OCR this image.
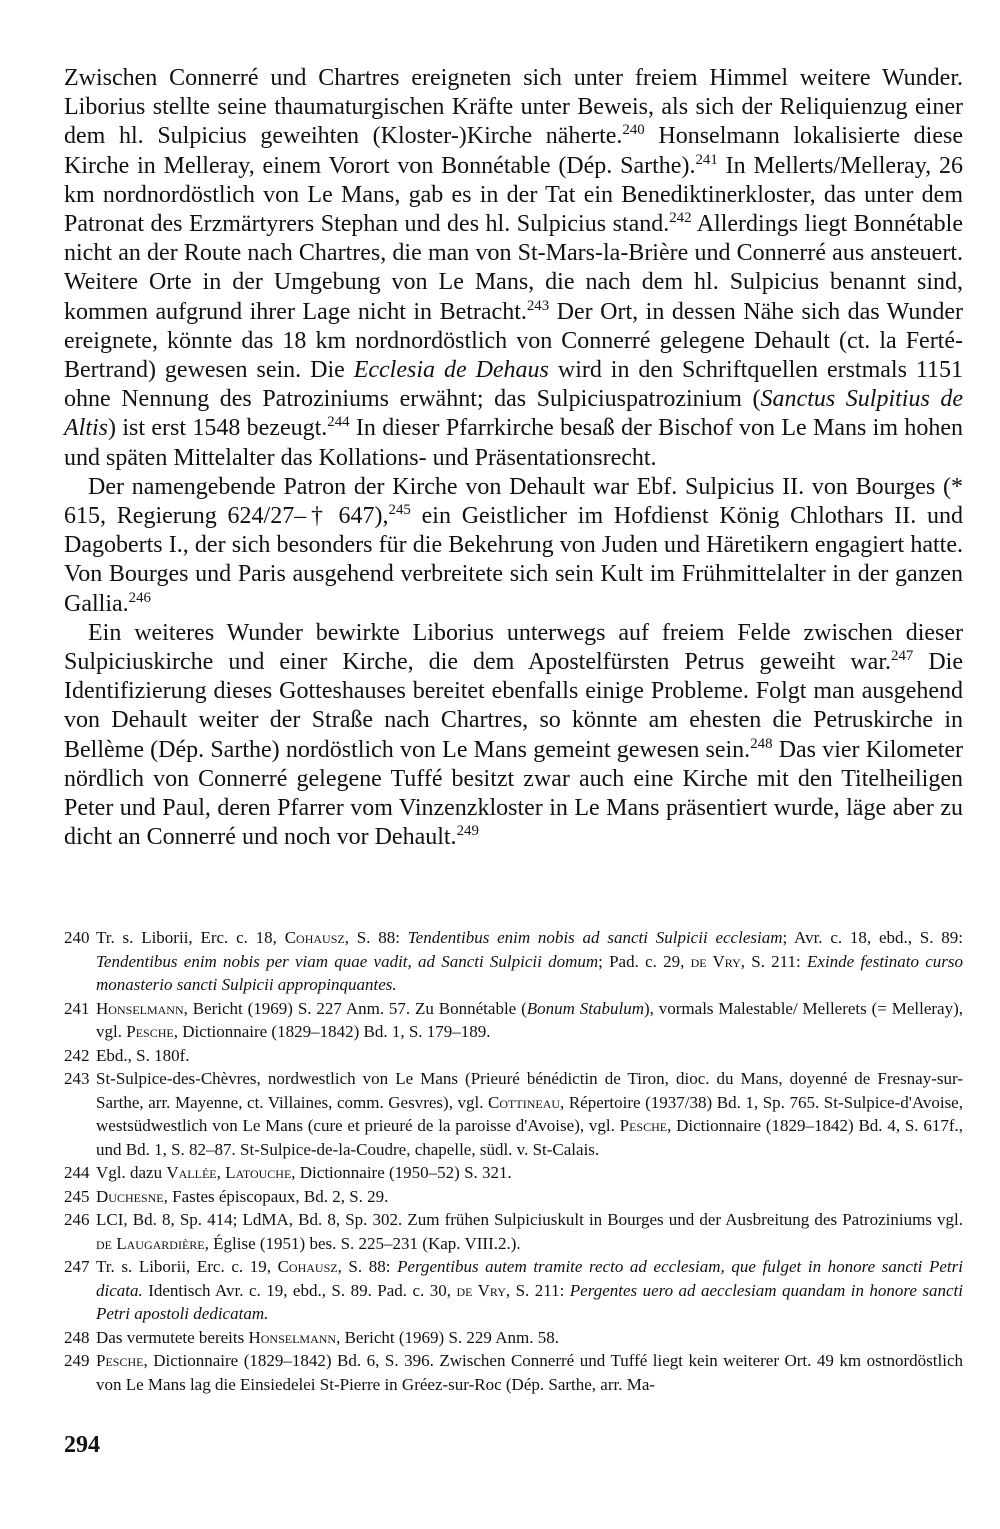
Zwischen Connerré und Chartres ereigneten sich unter freiem Himmel weitere Wunder. Liborius stellte seine thaumaturgischen Kräfte unter Beweis, als sich der Reliquienzug einer dem hl. Sulpicius geweihten (Kloster-)Kirche näherte.$^{240}$ Honselmann lokalisierte diese Kirche in Melleray, einem Vorort von Bonnétable (Dép. Sarthe).$^{241}$ In Mellerts/Melleray, 26 km nordnordöstlich von Le Mans, gab es in der Tat ein Benediktinerkloster, das unter dem Patronat des Erzmärtyrers Stephan und des hl. Sulpicius stand.$^{242}$ Allerdings liegt Bonnétable nicht an der Route nach Chartres, die man von St-Mars-la-Brière und Connerré aus ansteuert. Weitere Orte in der Umgebung von Le Mans, die nach dem hl. Sulpicius benannt sind, kommen aufgrund ihrer Lage nicht in Betracht.$^{243}$ Der Ort, in dessen Nähe sich das Wunder ereignete, könnte das 18 km nordnordöstlich von Connerré gelegene Dehault (ct. la Ferté-Bertrand) gewesen sein. Die Ecclesia de Dehaus wird in den Schriftquellen erstmals 1151 ohne Nennung des Patroziniums erwähnt; das Sulpiciuspatrozinium (Sanctus Sulpitius de Altis) ist erst 1548 bezeugt.$^{244}$ In dieser Pfarrkirche besaß der Bischof von Le Mans im hohen und späten Mittelalter das Kollations- und Präsentationsrecht.

Der namengebende Patron der Kirche von Dehault war Ebf. Sulpicius II. von Bourges (* 615, Regierung 624/27–† 647),$^{245}$ ein Geistlicher im Hofdienst König Chlothars II. und Dagoberts I., der sich besonders für die Bekehrung von Juden und Häretikern engagiert hatte. Von Bourges und Paris ausgehend verbreitete sich sein Kult im Frühmittelalter in der ganzen Gallia.$^{246}$

Ein weiteres Wunder bewirkte Liborius unterwegs auf freiem Felde zwischen dieser Sulpiciuskirche und einer Kirche, die dem Apostelfürsten Petrus geweiht war.$^{247}$ Die Identifizierung dieses Gotteshauses bereitet ebenfalls einige Probleme. Folgt man ausgehend von Dehault weiter der Straße nach Chartres, so könnte am ehesten die Petruskirche in Bellème (Dép. Sarthe) nordöstlich von Le Mans gemeint gewesen sein.$^{248}$ Das vier Kilometer nördlich von Connerré gelegene Tuffé besitzt zwar auch eine Kirche mit den Titelheiligen Peter und Paul, deren Pfarrer vom Vinzenzkloster in Le Mans präsentiert wurde, läge aber zu dicht an Connerré und noch vor Dehault.$^{249}$

240 Tr. s. Liborii, Erc. c. 18, Cohausz, S. 88: Tendentibus enim nobis ad sancti Sulpicii ecclesiam; Avr. c. 18, ebd., S. 89: Tendentibus enim nobis per viam quae vadit, ad Sancti Sulpicii domum; Pad. c. 29, de Vry, S. 211: Exinde festinato curso monasterio sancti Sulpicii appropinquantes.
241 Honselmann, Bericht (1969) S. 227 Anm. 57. Zu Bonnétable (Bonum Stabulum), vormals Malestable/ Mellerets (= Melleray), vgl. Pesche, Dictionnaire (1829–1842) Bd. 1, S. 179–189.
242 Ebd., S. 180f.
243 St-Sulpice-des-Chèvres, nordwestlich von Le Mans (Prieuré bénédictin de Tiron, dioc. du Mans, doyenné de Fresnay-sur-Sarthe, arr. Mayenne, ct. Villaines, comm. Gesvres), vgl. Cottineau, Répertoire (1937/38) Bd. 1, Sp. 765. St-Sulpice-d'Avoise, westsüdwestlich von Le Mans (cure et prieuré de la paroisse d'Avoise), vgl. Pesche, Dictionnaire (1829–1842) Bd. 4, S. 617f., und Bd. 1, S. 82–87. St-Sulpice-de-la-Coudre, chapelle, südl. v. St-Calais.
244 Vgl. dazu Vallée, Latouche, Dictionnaire (1950–52) S. 321.
245 Duchesne, Fastes épiscopaux, Bd. 2, S. 29.
246 LCI, Bd. 8, Sp. 414; LdMA, Bd. 8, Sp. 302. Zum frühen Sulpiciuskult in Bourges und der Ausbreitung des Patroziniums vgl. de Laugardière, Église (1951) bes. S. 225–231 (Kap. VIII.2.).
247 Tr. s. Liborii, Erc. c. 19, Cohausz, S. 88: Pergentibus autem tramite recto ad ecclesiam, que fulget in honore sancti Petri dicata. Identisch Avr. c. 19, ebd., S. 89. Pad. c. 30, de Vry, S. 211: Pergentes uero ad aecclesiam quandam in honore sancti Petri apostoli dedicatam.
248 Das vermutete bereits Honselmann, Bericht (1969) S. 229 Anm. 58.
249 Pesche, Dictionnaire (1829–1842) Bd. 6, S. 396. Zwischen Connerré und Tuffé liegt kein weiterer Ort. 49 km ostnordöstlich von Le Mans lag die Einsiedelei St-Pierre in Gréez-sur-Roc (Dép. Sarthe, arr. Ma-
294
